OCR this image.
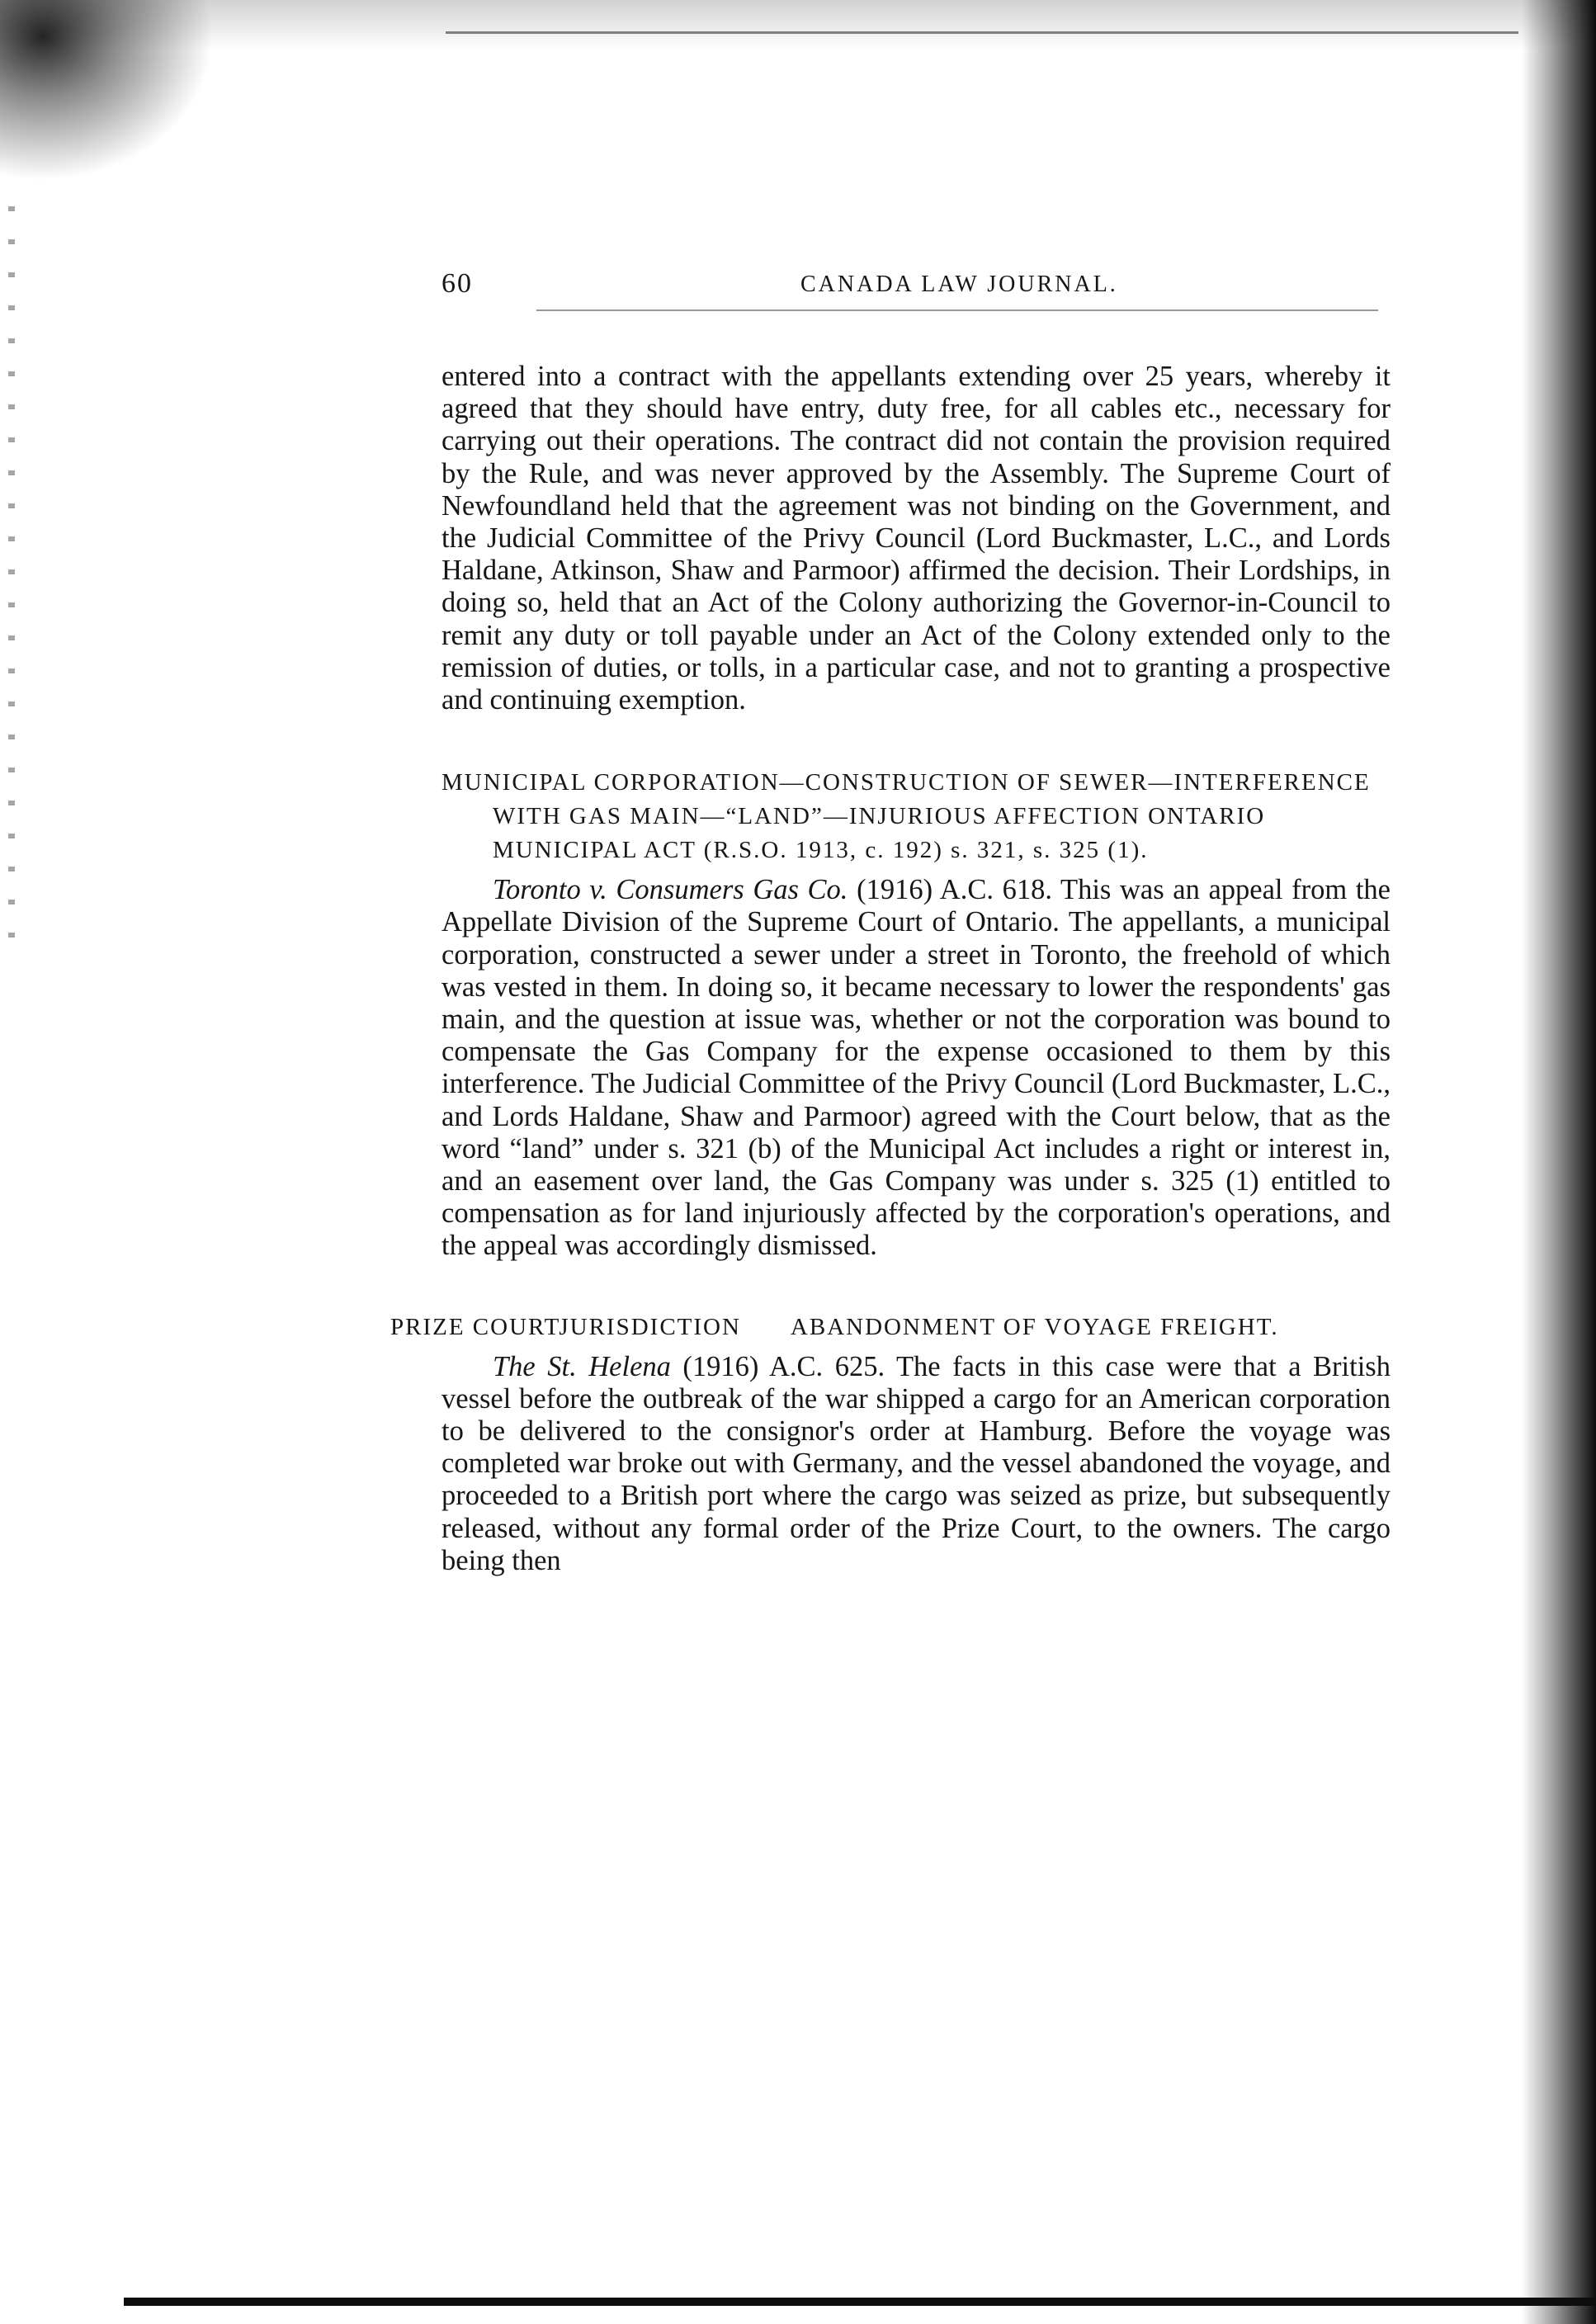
60	CANADA LAW JOURNAL.

entered into a contract with the appellants extending over 25 years, whereby it agreed that they should have entry, duty free, for all cables etc., necessary for carrying out their operations. The contract did not contain the provision required by the Rule, and was never approved by the Assembly. The Supreme Court of Newfoundland held that the agreement was not binding on the Government, and the Judicial Committee of the Privy Council (Lord Buckmaster, L.C., and Lords Haldane, Atkinson, Shaw and Parmoor) affirmed the decision. Their Lordships, in doing so, held that an Act of the Colony authorizing the Governor-in-Council to remit any duty or toll payable under an Act of the Colony extended only to the remission of duties, or tolls, in a particular case, and not to granting a prospective and continuing exemption.

MUNICIPAL CORPORATION—CONSTRUCTION OF SEWER—INTERFERENCE WITH GAS MAIN—“LAND”—INJURIOUS AFFECTION ONTARIO MUNICIPAL ACT (R.S.O. 1913, c. 192) s. 321, s. 325 (1).

Toronto v. Consumers Gas Co. (1916) A.C. 618. This was an appeal from the Appellate Division of the Supreme Court of Ontario. The appellants, a municipal corporation, constructed a sewer under a street in Toronto, the freehold of which was vested in them. In doing so, it became necessary to lower the respondents' gas main, and the question at issue was, whether or not the corporation was bound to compensate the Gas Company for the expense occasioned to them by this interference. The Judicial Committee of the Privy Council (Lord Buckmaster, L.C., and Lords Haldane, Shaw and Parmoor) agreed with the Court below, that as the word “land” under s. 321 (b) of the Municipal Act includes a right or interest in, and an easement over land, the Gas Company was under s. 325 (1) entitled to compensation as for land injuriously affected by the corporation's operations, and the appeal was accordingly dismissed.

PRIZE COURTJURISDICTION ABANDONMENT OF VOYAGE FREIGHT.

The St. Helena (1916) A.C. 625. The facts in this case were that a British vessel before the outbreak of the war shipped a cargo for an American corporation to be delivered to the consignor's order at Hamburg. Before the voyage was completed war broke out with Germany, and the vessel abandoned the voyage, and proceeded to a British port where the cargo was seized as prize, but subsequently released, without any formal order of the Prize Court, to the owners. The cargo being then
